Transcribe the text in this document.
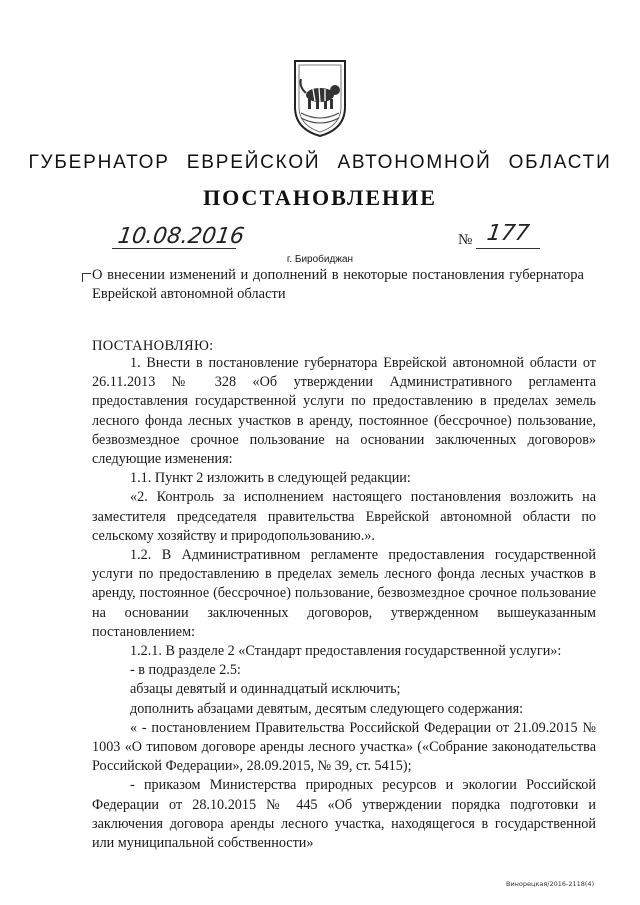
ГУБЕРНАТОР ЕВРЕЙСКОЙ АВТОНОМНОЙ ОБЛАСТИ
ПОСТАНОВЛЕНИЕ
10.08.2016	№ 177
г. Биробиджан
О внесении изменений и дополнений в некоторые постановления губернатора Еврейской автономной области
ПОСТАНОВЛЯЮ:

1. Внести в постановление губернатора Еврейской автономной области от 26.11.2013 № 328 «Об утверждении Административного регламента предоставления государственной услуги по предоставлению в пределах земель лесного фонда лесных участков в аренду, постоянное (бессрочное) пользование, безвозмездное срочное пользование на основании заключенных договоров» следующие изменения:

1.1. Пункт 2 изложить в следующей редакции:

«2. Контроль за исполнением настоящего постановления возложить на заместителя председателя правительства Еврейской автономной области по сельскому хозяйству и природопользованию.».

1.2. В Административном регламенте предоставления государственной услуги по предоставлению в пределах земель лесного фонда лесных участков в аренду, постоянное (бессрочное) пользование, безвозмездное срочное пользование на основании заключенных договоров, утвержденном вышеуказанным постановлением:

1.2.1. В разделе 2 «Стандарт предоставления государственной услуги»:

- в подразделе 2.5:

абзацы девятый и одиннадцатый исключить;

дополнить абзацами девятым, десятым следующего содержания:

« - постановлением Правительства Российской Федерации от 21.09.2015 № 1003 «О типовом договоре аренды лесного участка» («Собрание законодательства Российской Федерации», 28.09.2015, № 39, ст. 5415);

- приказом Министерства природных ресурсов и экологии Российской Федерации от 28.10.2015 № 445 «Об утверждении порядка подготовки и заключения договора аренды лесного участка, находящегося в государственной или муниципальной собственности»

Винорецкая/2016-2118(4)
